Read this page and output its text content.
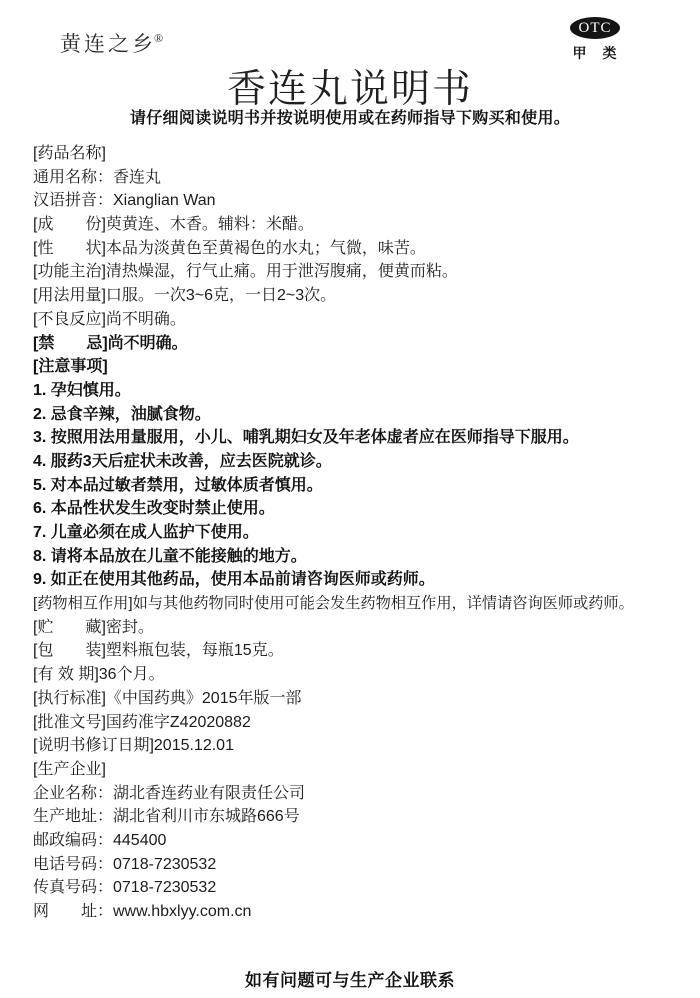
黄连之乡®
OTC
甲　类
香连丸说明书
请仔细阅读说明书并按说明使用或在药师指导下购买和使用。
[药品名称]
通用名称：香连丸
汉语拼音：Xianglian Wan
[成　　份]萸黄连、木香。辅料：米醋。
[性　　状]本品为淡黄色至黄褐色的水丸；气微，味苦。
[功能主治]清热燥湿，行气止痛。用于泄泻腹痛，便黄而粘。
[用法用量]口服。一次3~6克，一日2~3次。
[不良反应]尚不明确。
[禁　　忌]尚不明确。
[注意事项]
1. 孕妇慎用。
2. 忌食辛辣，油腻食物。
3. 按照用法用量服用，小儿、哺乳期妇女及年老体虚者应在医师指导下服用。
4. 服药3天后症状未改善，应去医院就诊。
5. 对本品过敏者禁用，过敏体质者慎用。
6. 本品性状发生改变时禁止使用。
7. 儿童必须在成人监护下使用。
8. 请将本品放在儿童不能接触的地方。
9. 如正在使用其他药品，使用本品前请咨询医师或药师。
[药物相互作用]如与其他药物同时使用可能会发生药物相互作用，详情请咨询医师或药师。
[贮　　藏]密封。
[包　　装]塑料瓶包装，每瓶15克。
[有 效 期]36个月。
[执行标准]《中国药典》2015年版一部
[批准文号]国药准字Z42020882
[说明书修订日期]2015.12.01
[生产企业]
企业名称：湖北香连药业有限责任公司
生产地址：湖北省利川市东城路666号
邮政编码：445400
电话号码：0718-7230532
传真号码：0718-7230532
网　　址：www.hbxlyy.com.cn
如有问题可与生产企业联系
